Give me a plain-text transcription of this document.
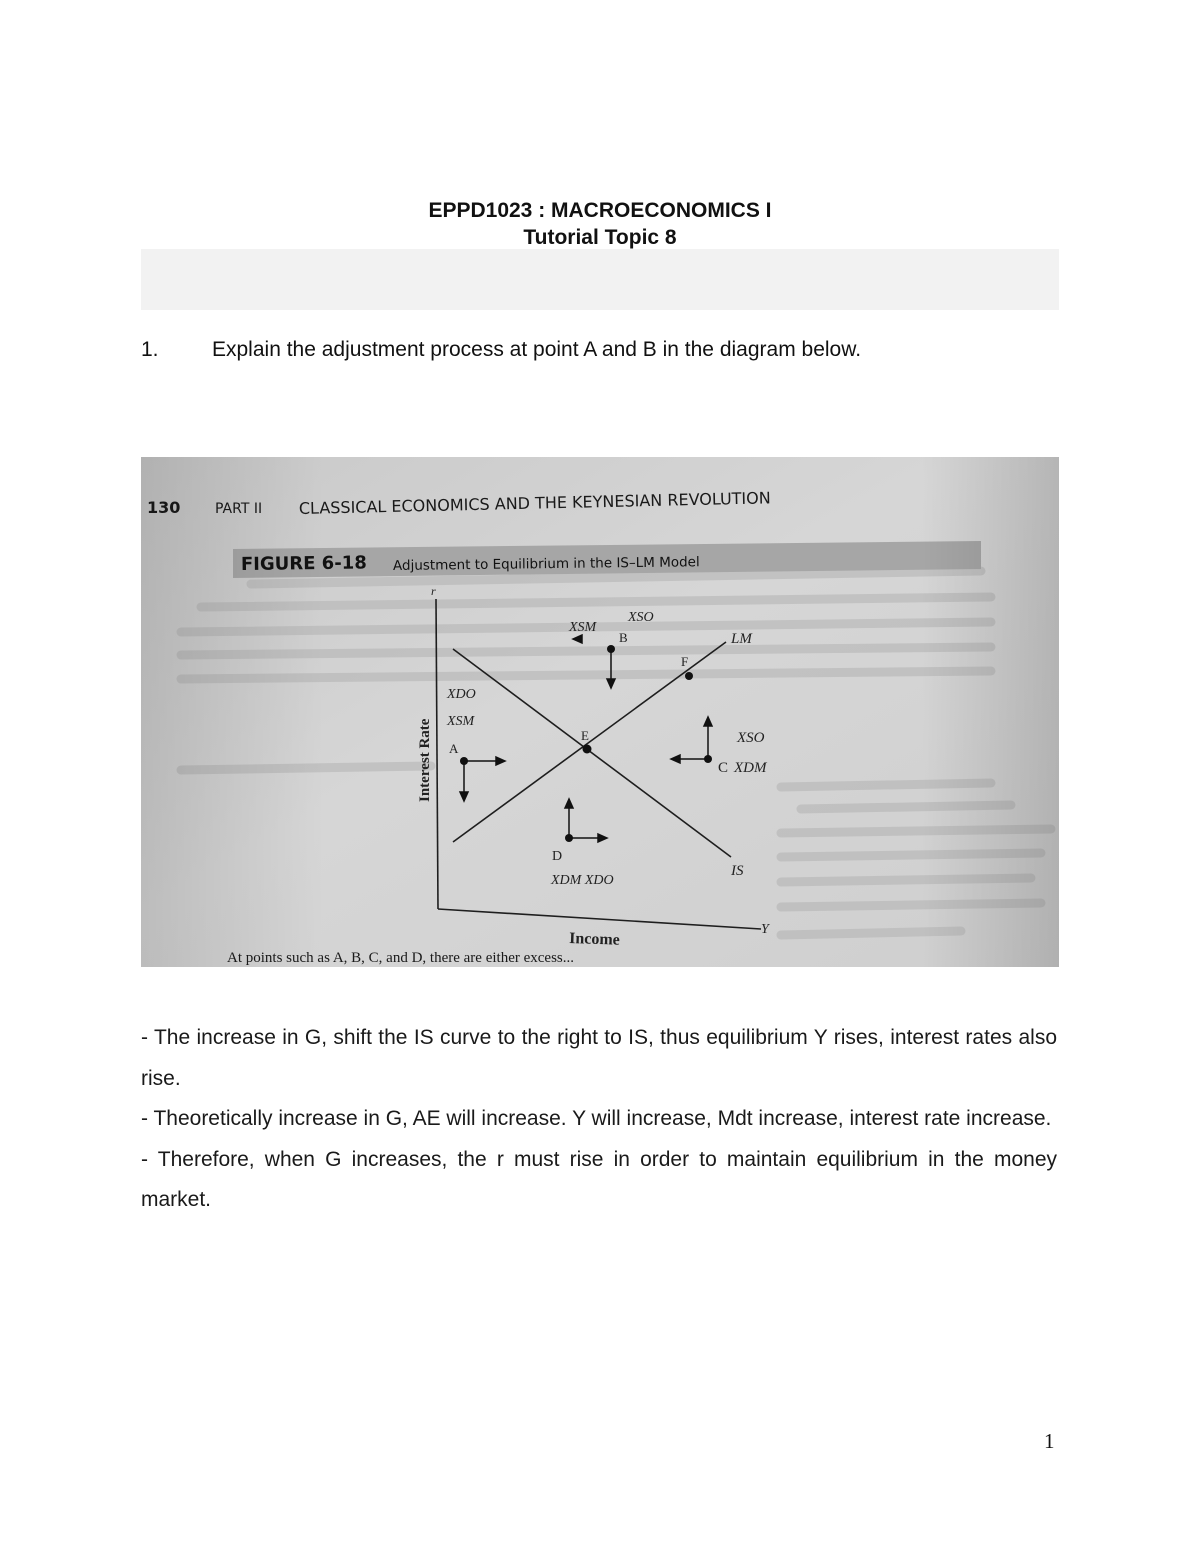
EPPD1023 : MACROECONOMICS I
Tutorial Topic 8
1.	Explain the adjustment process at point A and B in the diagram below.

- The increase in G, shift the IS curve to the right to IS, thus equilibrium Y rises, interest rates also rise.

- Theoretically increase in G, AE will increase. Y will increase, Mdt increase, interest rate increase.

- Therefore, when G increases, the r must rise in order to maintain equilibrium in the money market.

1
